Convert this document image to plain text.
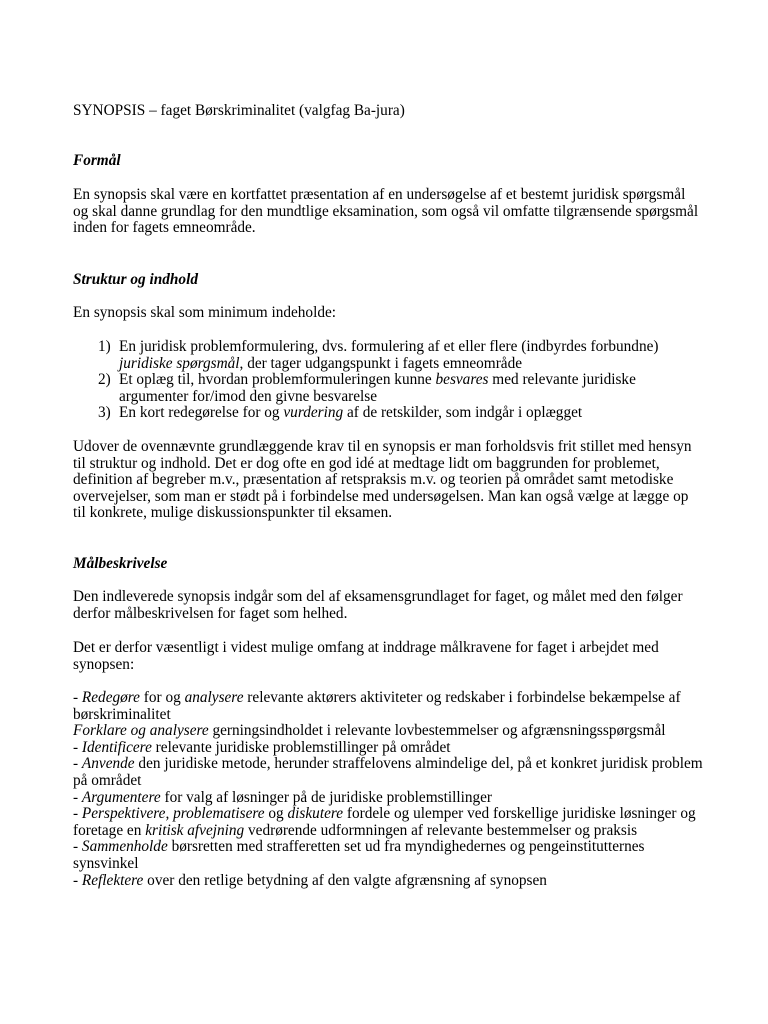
SYNOPSIS – faget Børskriminalitet (valgfag Ba-jura)

Formål

En synopsis skal være en kortfattet præsentation af en undersøgelse af et bestemt juridisk spørgsmål og skal danne grundlag for den mundtlige eksamination, som også vil omfatte tilgrænsende spørgsmål inden for fagets emneområde.

Struktur og indhold

En synopsis skal som minimum indeholde:

1) En juridisk problemformulering, dvs. formulering af et eller flere (indbyrdes forbundne) juridiske spørgsmål, der tager udgangspunkt i fagets emneområde
2) Et oplæg til, hvordan problemformuleringen kunne besvares med relevante juridiske argumenter for/imod den givne besvarelse
3) En kort redegørelse for og vurdering af de retskilder, som indgår i oplægget

Udover de ovennævnte grundlæggende krav til en synopsis er man forholdsvis frit stillet med hensyn til struktur og indhold. Det er dog ofte en god idé at medtage lidt om baggrunden for problemet, definition af begreber m.v., præsentation af retspraksis m.v. og teorien på området samt metodiske overvejelser, som man er stødt på i forbindelse med undersøgelsen. Man kan også vælge at lægge op til konkrete, mulige diskussionspunkter til eksamen.

Målbeskrivelse

Den indleverede synopsis indgår som del af eksamensgrundlaget for faget, og målet med den følger derfor målbeskrivelsen for faget som helhed.

Det er derfor væsentligt i videst mulige omfang at inddrage målkravene for faget i arbejdet med synopsen:

- Redegøre for og analysere relevante aktørers aktiviteter og redskaber i forbindelse bekæmpelse af børskriminalitet
Forklare og analysere gerningsindholdet i relevante lovbestemmelser og afgrænsningsspørgsmål
- Identificere relevante juridiske problemstillinger på området
- Anvende den juridiske metode, herunder straffelovens almindelige del, på et konkret juridisk problem på området
- Argumentere for valg af løsninger på de juridiske problemstillinger
- Perspektivere, problematisere og diskutere fordele og ulemper ved forskellige juridiske løsninger og foretage en kritisk afvejning vedrørende udformningen af relevante bestemmelser og praksis
- Sammenholde børsretten med strafferetten set ud fra myndighedernes og pengeinstitutternes synsvinkel
- Reflektere over den retlige betydning af den valgte afgrænsning af synopsen
